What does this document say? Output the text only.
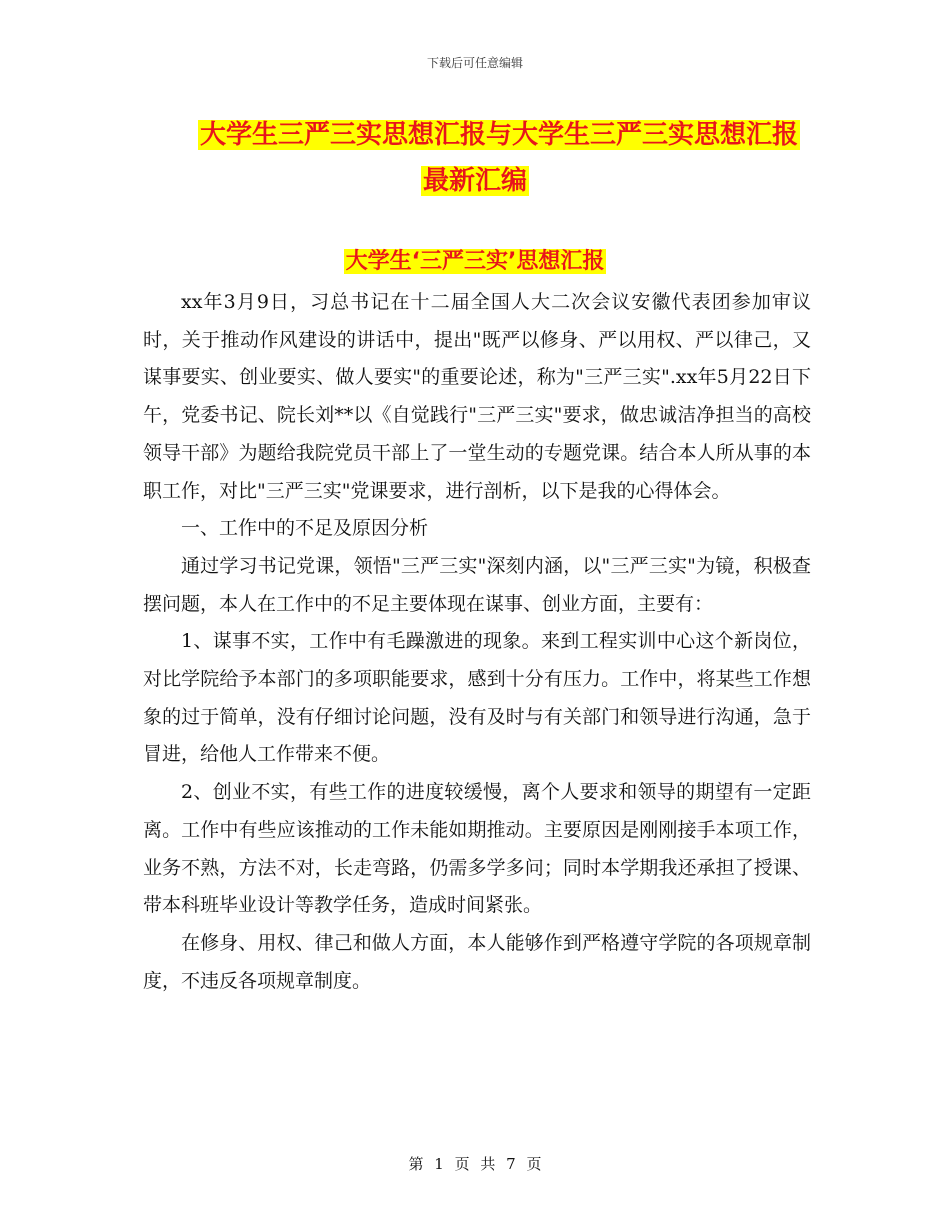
下载后可任意编辑
大学生三严三实思想汇报与大学生三严三实思想汇报
最新汇编
大学生‘三严三实’思想汇报

xx年3月9日，习总书记在十二届全国人大二次会议安徽代表团参加审议时，关于推动作风建设的讲话中，提出"既严以修身、严以用权、严以律己，又谋事要实、创业要实、做人要实"的重要论述，称为"三严三实".xx年5月22日下午，党委书记、院长刘**以《自觉践行"三严三实"要求，做忠诚洁净担当的高校领导干部》为题给我院党员干部上了一堂生动的专题党课。结合本人所从事的本职工作，对比"三严三实"党课要求，进行剖析，以下是我的心得体会。

一、工作中的不足及原因分析

通过学习书记党课，领悟"三严三实"深刻内涵，以"三严三实"为镜，积极查摆问题，本人在工作中的不足主要体现在谋事、创业方面，主要有：

1、谋事不实，工作中有毛躁激进的现象。来到工程实训中心这个新岗位，对比学院给予本部门的多项职能要求，感到十分有压力。工作中，将某些工作想象的过于简单，没有仔细讨论问题，没有及时与有关部门和领导进行沟通，急于冒进，给他人工作带来不便。

2、创业不实，有些工作的进度较缓慢，离个人要求和领导的期望有一定距离。工作中有些应该推动的工作未能如期推动。主要原因是刚刚接手本项工作，业务不熟，方法不对，长走弯路，仍需多学多问；同时本学期我还承担了授课、带本科班毕业设计等教学任务，造成时间紧张。

在修身、用权、律己和做人方面，本人能够作到严格遵守学院的各项规章制度，不违反各项规章制度。

第 1 页 共 7 页
